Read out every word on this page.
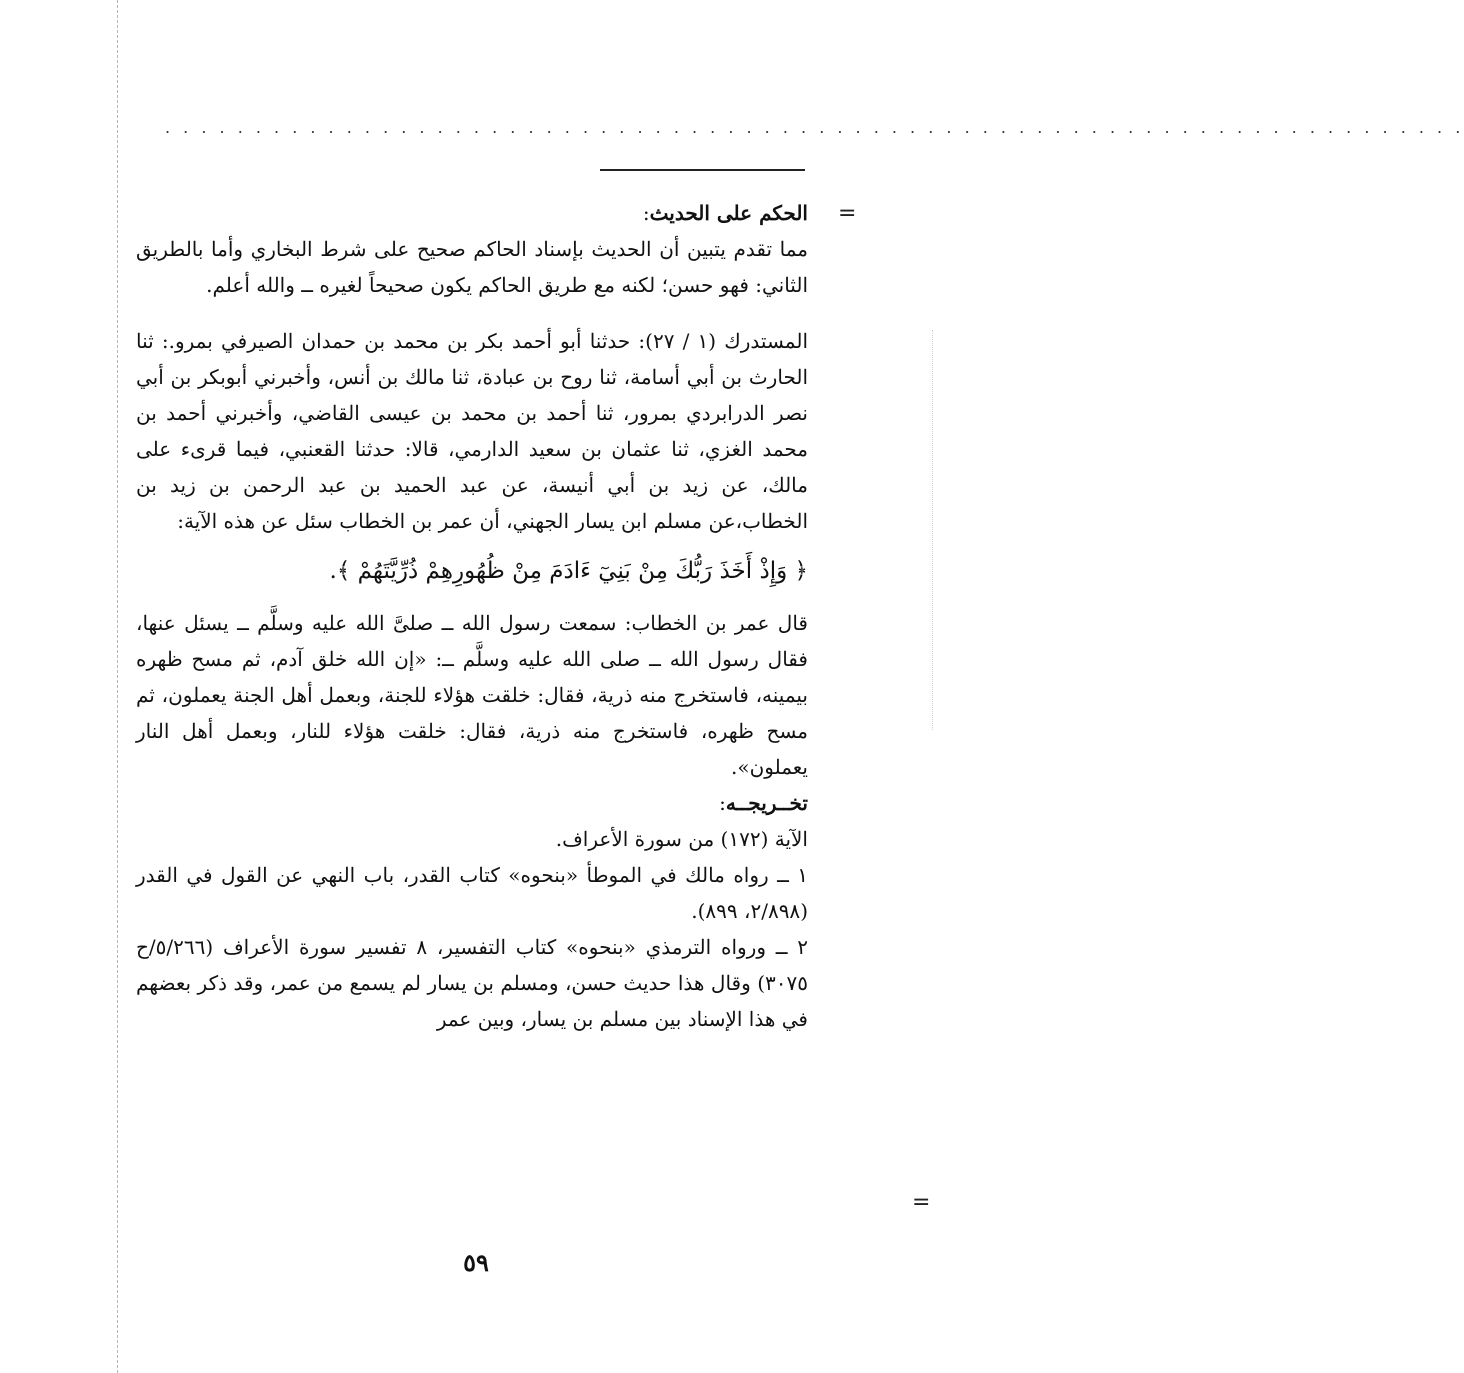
. . . . . . . . . . . . . . . . . . . . . . . . . . . . . . . . . . . . . . . . . . . . . . . . . . . . . . . . . . . . . . . . . . . . . . . .
=
=

الحكم على الحديث:

مما تقدم يتبين أن الحديث بإسناد الحاكم صحيح على شرط البخاري وأما بالطريق الثاني: فهو حسن؛ لكنه مع طريق الحاكم يكون صحيحاً لغيره ــ والله أعلم.

المستدرك (١ / ٢٧): حدثنا أبو أحمد بكر بن محمد بن حمدان الصيرفي بمرو.: ثنا الحارث بن أبي أسامة، ثنا روح بن عبادة، ثنا مالك بن أنس، وأخبرني أبوبكر بن أبي نصر الدرابردي بمرور، ثنا أحمد بن محمد بن عيسى القاضي، وأخبرني أحمد بن محمد الغزي، ثنا عثمان بن سعيد الدارمي، قالا: حدثنا القعنبي، فيما قرىء على مالك، عن زيد بن أبي أنيسة، عن عبد الحميد بن عبد الرحمن بن زيد بن الخطاب،عن مسلم ابن يسار الجهني، أن عمر بن الخطاب سئل عن هذه الآية:

﴿ وَإِذْ أَخَذَ رَبُّكَ مِنْ بَنِيٓ ءَادَمَ مِنْ ظُهُورِهِمْ ذُرِّيَّتَهُمْ ﴾.

قال عمر بن الخطاب: سمعت رسول الله ــ صلىَّ الله عليه وسلَّم ــ يسئل عنها، فقال رسول الله ــ صلى الله عليه وسلَّم ــ: «إن الله خلق آدم، ثم مسح ظهره بيمينه، فاستخرج منه ذرية، فقال: خلقت هؤلاء للجنة، وبعمل أهل الجنة يعملون، ثم مسح ظهره، فاستخرج منه ذرية، فقال: خلقت هؤلاء للنار، وبعمل أهل النار يعملون».

تخــريجــه:

الآية (١٧٢) من سورة الأعراف.

١ ــ رواه مالك في الموطأ «بنحوه» كتاب القدر، باب النهي عن القول في القدر (٢/٨٩٨، ٨٩٩).

٢ ــ ورواه الترمذي «بنحوه» كتاب التفسير، ٨ تفسير سورة الأعراف (٥/٢٦٦/ح ٣٠٧٥) وقال هذا حديث حسن، ومسلم بن يسار لم يسمع من عمر، وقد ذكر بعضهم في هذا الإسناد بين مسلم بن يسار، وبين عمر

٥٩
